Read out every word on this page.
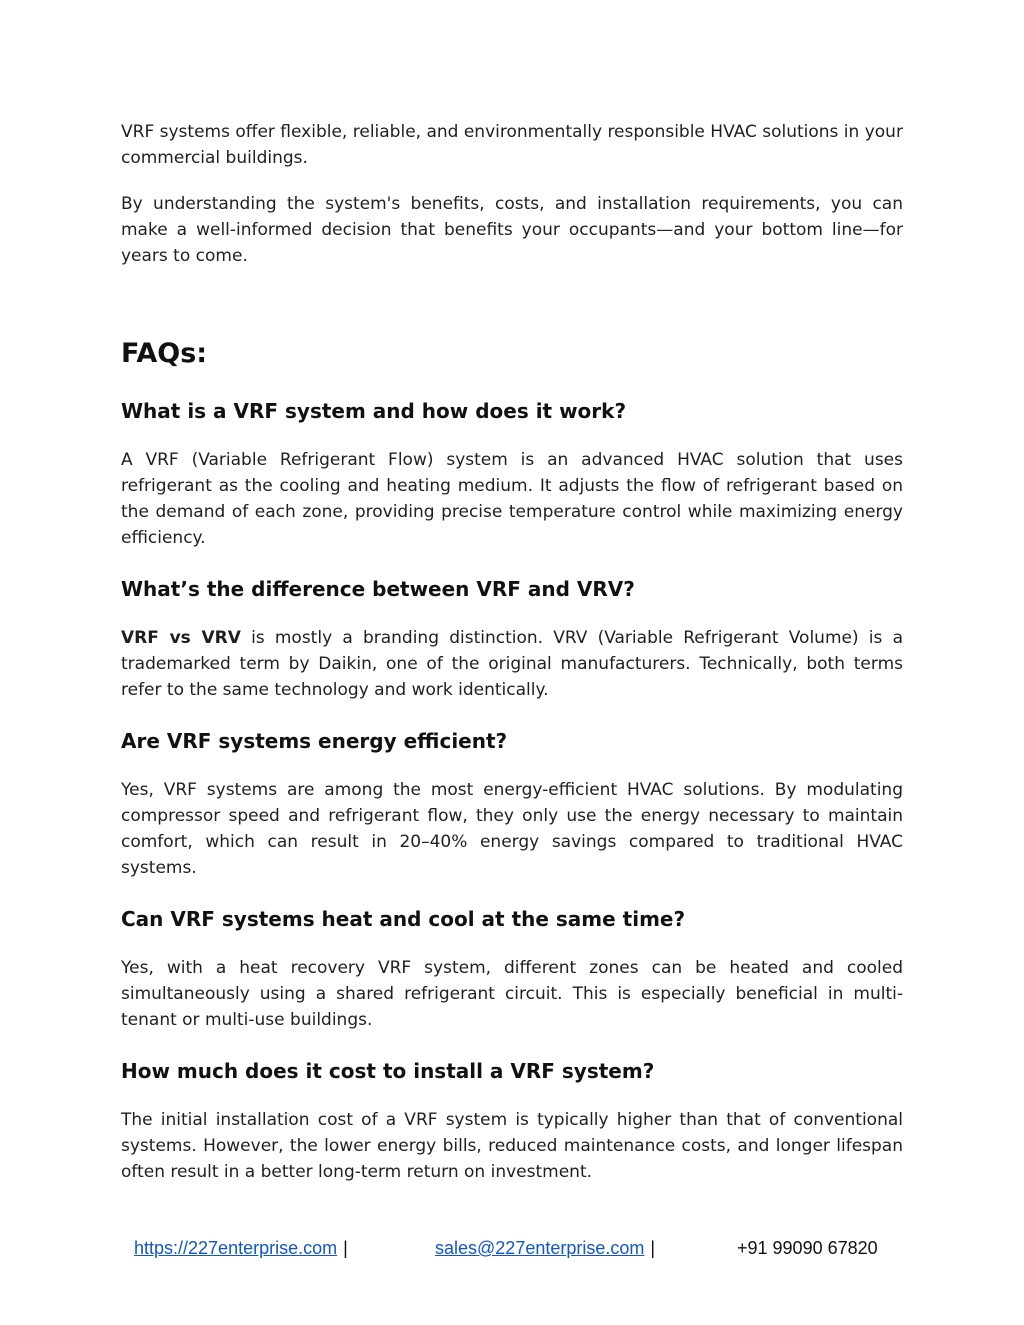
VRF systems offer flexible, reliable, and environmentally responsible HVAC solutions in your commercial buildings.

By understanding the system's benefits, costs, and installation requirements, you can make a well-informed decision that benefits your occupants—and your bottom line—for years to come.

FAQs:
What is a VRF system and how does it work?

A VRF (Variable Refrigerant Flow) system is an advanced HVAC solution that uses refrigerant as the cooling and heating medium. It adjusts the flow of refrigerant based on the demand of each zone, providing precise temperature control while maximizing energy efficiency.

What’s the difference between VRF and VRV?

VRF vs VRV is mostly a branding distinction. VRV (Variable Refrigerant Volume) is a trademarked term by Daikin, one of the original manufacturers. Technically, both terms refer to the same technology and work identically.

Are VRF systems energy efficient?

Yes, VRF systems are among the most energy-efficient HVAC solutions. By modulating compressor speed and refrigerant flow, they only use the energy necessary to maintain comfort, which can result in 20–40% energy savings compared to traditional HVAC systems.

Can VRF systems heat and cool at the same time?

Yes, with a heat recovery VRF system, different zones can be heated and cooled simultaneously using a shared refrigerant circuit. This is especially beneficial in multi-tenant or multi-use buildings.

How much does it cost to install a VRF system?

The initial installation cost of a VRF system is typically higher than that of conventional systems. However, the lower energy bills, reduced maintenance costs, and longer lifespan often result in a better long-term return on investment.

https://227enterprise.com |	sales@227enterprise.com |	+91 99090 67820
